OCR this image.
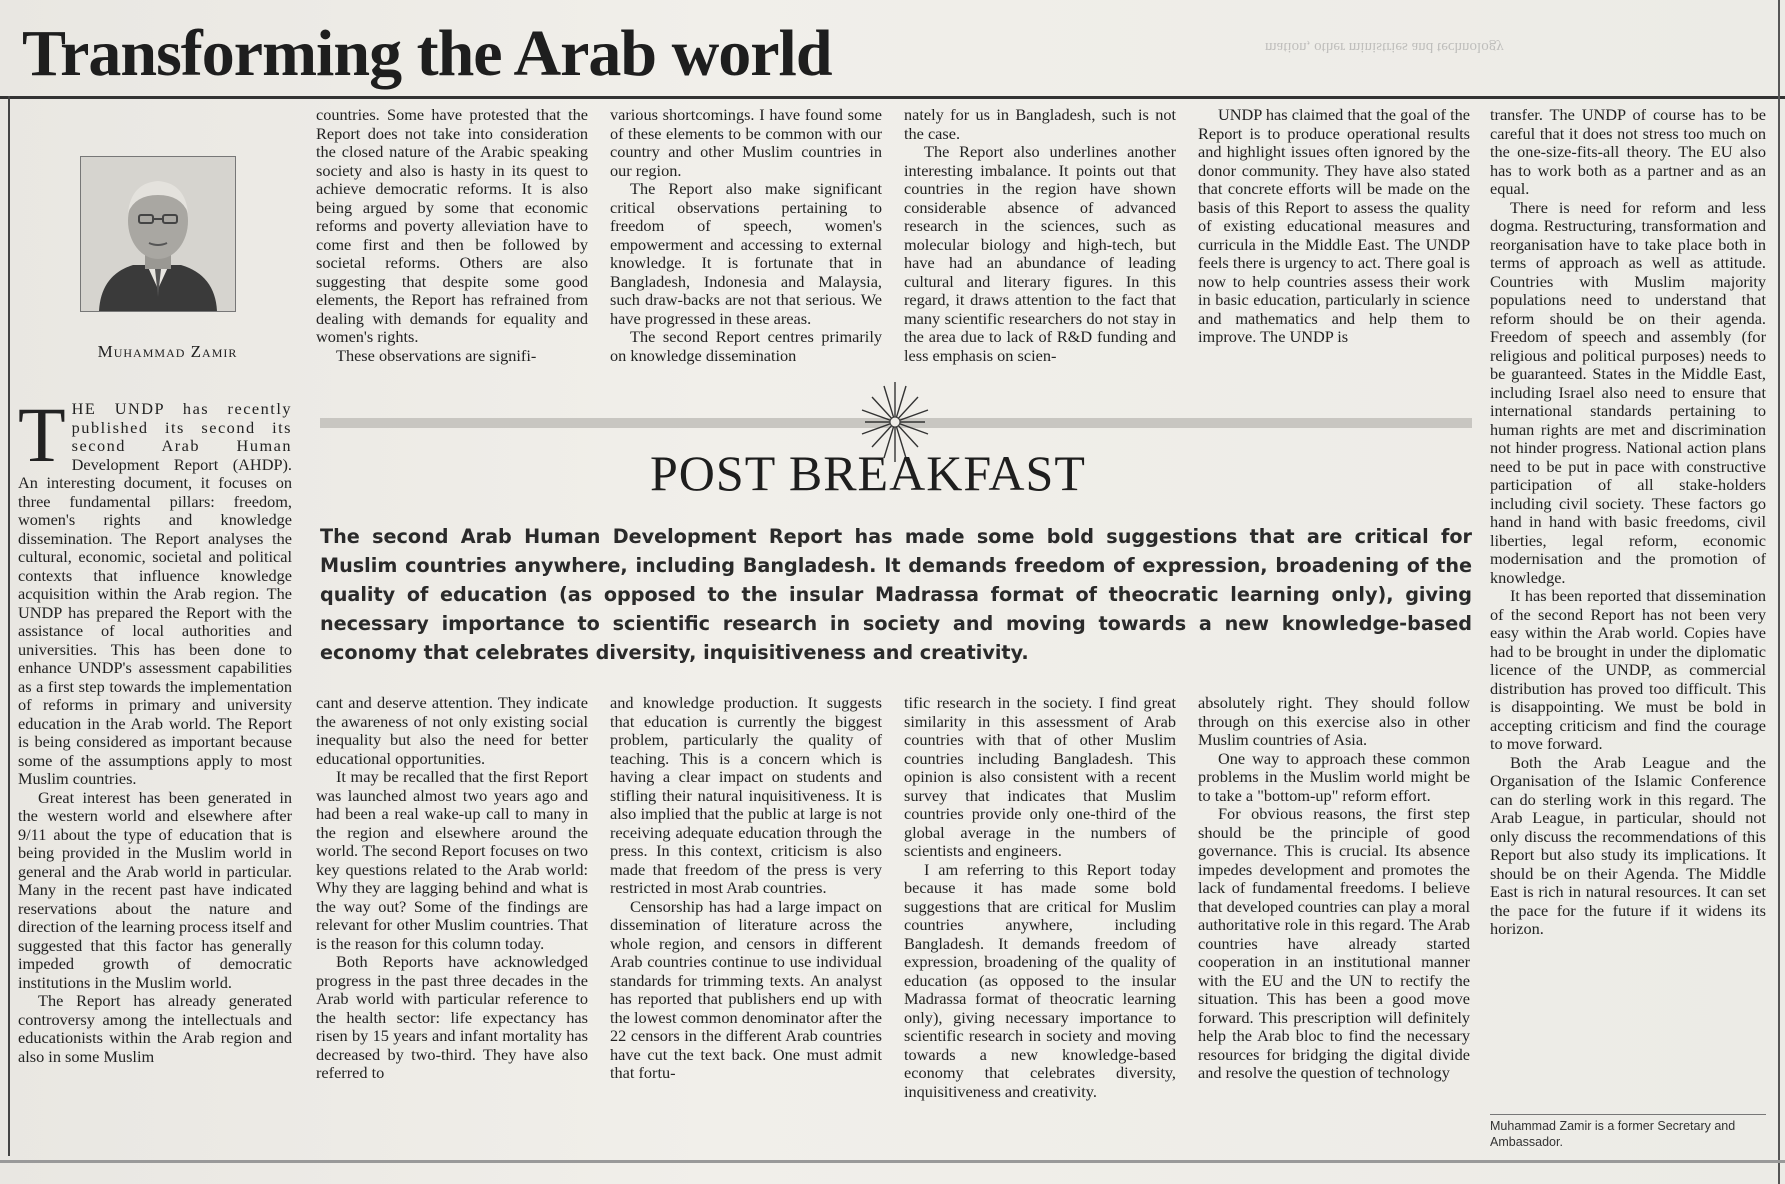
mation, other ministries and technology

Transforming the Arab world

Muhammad Zamir

THE UNDP has recently published its second its second Arab Human Development Report (AHDP). An interesting document, it focuses on three fundamental pillars: freedom, women's rights and knowledge dissemination. The Report analyses the cultural, economic, societal and political contexts that influence knowledge acquisition within the Arab region. The UNDP has prepared the Report with the assistance of local authorities and universities. This has been done to enhance UNDP's assessment capabilities as a first step towards the implementation of reforms in primary and university education in the Arab world. The Report is being considered as important because some of the assumptions apply to most Muslim countries.

Great interest has been generated in the western world and elsewhere after 9/11 about the type of education that is being provided in the Muslim world in general and the Arab world in particular. Many in the recent past have indicated reservations about the nature and direction of the learning process itself and suggested that this factor has generally impeded growth of democratic institutions in the Muslim world.

The Report has already generated controversy among the intellectuals and educationists within the Arab region and also in some Muslim

countries. Some have protested that the Report does not take into consideration the closed nature of the Arabic speaking society and also is hasty in its quest to achieve democratic reforms. It is also being argued by some that economic reforms and poverty alleviation have to come first and then be followed by societal reforms. Others are also suggesting that despite some good elements, the Report has refrained from dealing with demands for equality and women's rights.

These observations are signifi-

various shortcomings. I have found some of these elements to be common with our country and other Muslim countries in our region.

The Report also make significant critical observations pertaining to freedom of speech, women's empowerment and accessing to external knowledge. It is fortunate that in Bangladesh, Indonesia and Malaysia, such draw-backs are not that serious. We have progressed in these areas.

The second Report centres primarily on knowledge dissemination

nately for us in Bangladesh, such is not the case.

The Report also underlines another interesting imbalance. It points out that countries in the region have shown considerable absence of advanced research in the sciences, such as molecular biology and high-tech, but have had an abundance of leading cultural and literary figures. In this regard, it draws attention to the fact that many scientific researchers do not stay in the area due to lack of R&D funding and less emphasis on scien-

UNDP has claimed that the goal of the Report is to produce operational results and highlight issues often ignored by the donor community. They have also stated that concrete efforts will be made on the basis of this Report to assess the quality of existing educational measures and curricula in the Middle East. The UNDP feels there is urgency to act. There goal is now to help countries assess their work in basic education, particularly in science and mathematics and help them to improve. The UNDP is

POST BREAKFAST

The second Arab Human Development Report has made some bold suggestions that are critical for Muslim countries anywhere, including Bangladesh. It demands freedom of expression, broadening of the quality of education (as opposed to the insular Madrassa format of theocratic learning only), giving necessary importance to scientific research in society and moving towards a new knowledge-based economy that celebrates diversity, inquisitiveness and creativity.

cant and deserve attention. They indicate the awareness of not only existing social inequality but also the need for better educational opportunities.

It may be recalled that the first Report was launched almost two years ago and had been a real wake-up call to many in the region and elsewhere around the world. The second Report focuses on two key questions related to the Arab world: Why they are lagging behind and what is the way out? Some of the findings are relevant for other Muslim countries. That is the reason for this column today.

Both Reports have acknowledged progress in the past three decades in the Arab world with particular reference to the health sector: life expectancy has risen by 15 years and infant mortality has decreased by two-third. They have also referred to

and knowledge production. It suggests that education is currently the biggest problem, particularly the quality of teaching. This is a concern which is having a clear impact on students and stifling their natural inquisitiveness. It is also implied that the public at large is not receiving adequate education through the press. In this context, criticism is also made that freedom of the press is very restricted in most Arab countries.

Censorship has had a large impact on dissemination of literature across the whole region, and censors in different Arab countries continue to use individual standards for trimming texts. An analyst has reported that publishers end up with the lowest common denominator after the 22 censors in the different Arab countries have cut the text back. One must admit that fortu-

tific research in the society. I find great similarity in this assessment of Arab countries with that of other Muslim countries including Bangladesh. This opinion is also consistent with a recent survey that indicates that Muslim countries provide only one-third of the global average in the numbers of scientists and engineers.

I am referring to this Report today because it has made some bold suggestions that are critical for Muslim countries anywhere, including Bangladesh. It demands freedom of expression, broadening of the quality of education (as opposed to the insular Madrassa format of theocratic learning only), giving necessary importance to scientific research in society and moving towards a new knowledge-based economy that celebrates diversity, inquisitiveness and creativity.

absolutely right. They should follow through on this exercise also in other Muslim countries of Asia.

One way to approach these common problems in the Muslim world might be to take a "bottom-up" reform effort.

For obvious reasons, the first step should be the principle of good governance. This is crucial. Its absence impedes development and promotes the lack of fundamental freedoms. I believe that developed countries can play a moral authoritative role in this regard. The Arab countries have already started cooperation in an institutional manner with the EU and the UN to rectify the situation. This has been a good move forward. This prescription will definitely help the Arab bloc to find the necessary resources for bridging the digital divide and resolve the question of technology

transfer. The UNDP of course has to be careful that it does not stress too much on the one-size-fits-all theory. The EU also has to work both as a partner and as an equal.

There is need for reform and less dogma. Restructuring, transformation and reorganisation have to take place both in terms of approach as well as attitude. Countries with Muslim majority populations need to understand that reform should be on their agenda. Freedom of speech and assembly (for religious and political purposes) needs to be guaranteed. States in the Middle East, including Israel also need to ensure that international standards pertaining to human rights are met and discrimination not hinder progress. National action plans need to be put in pace with constructive participation of all stake-holders including civil society. These factors go hand in hand with basic freedoms, civil liberties, legal reform, economic modernisation and the promotion of knowledge.

It has been reported that dissemination of the second Report has not been very easy within the Arab world. Copies have had to be brought in under the diplomatic licence of the UNDP, as commercial distribution has proved too difficult. This is disappointing. We must be bold in accepting criticism and find the courage to move forward.

Both the Arab League and the Organisation of the Islamic Conference can do sterling work in this regard. The Arab League, in particular, should not only discuss the recommendations of this Report but also study its implications. It should be on their Agenda. The Middle East is rich in natural resources. It can set the pace for the future if it widens its horizon.

Muhammad Zamir is a former Secretary and Ambassador.
